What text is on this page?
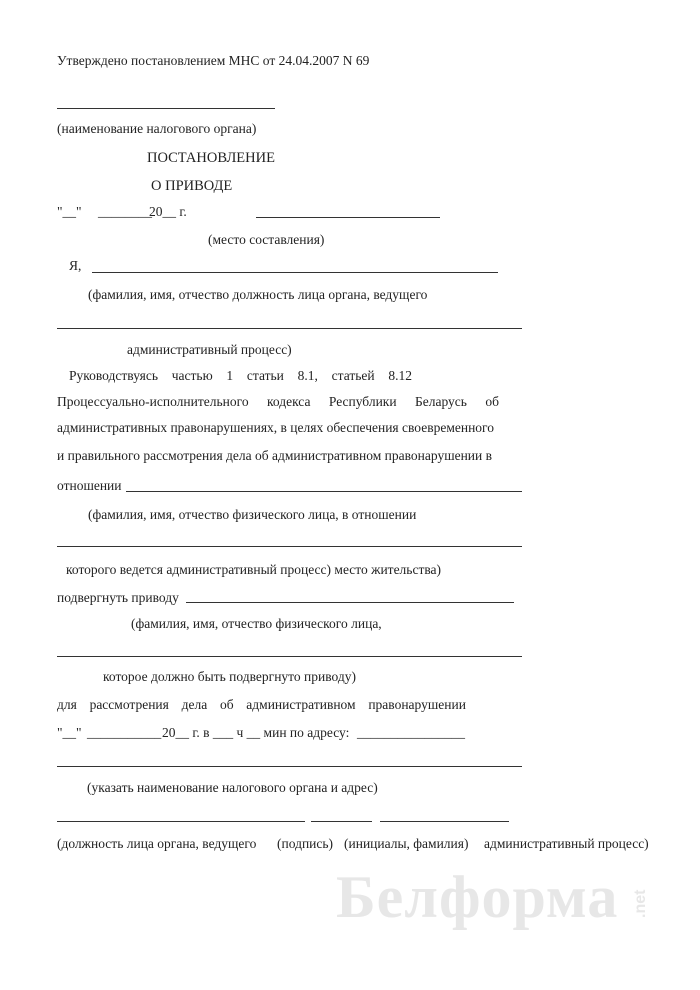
Утверждено постановлением МНС от 24.04.2007 N 69
(наименование налогового органа)
ПОСТАНОВЛЕНИЕ
О ПРИВОДЕ
"__" ________
20__ г.
(место составления)
Я,
(фамилия, имя, отчество должность лица органа, ведущего
административный процесс)
Руководствуясь частью 1 статьи 8.1, статьей 8.12
Процессуально-исполнительного кодекса Республики Беларусь об
административных правонарушениях, в целях обеспечения своевременного
и правильного рассмотрения дела об административном правонарушении в
отношении
(фамилия, имя, отчество физического лица, в отношении
которого ведется административный процесс) место жительства)
подвергнуть приводу
(фамилия, имя, отчество физического лица,
которое должно быть подвергнуто приводу)
для рассмотрения дела об административном правонарушении
"__" ___________ 20__ г. в ___ ч __ мин по адресу: ________________
(указать наименование налогового органа и адрес)
(должность лица органа, ведущего (подпись) (инициалы, фамилия) административный процесс)
Белформа .net
